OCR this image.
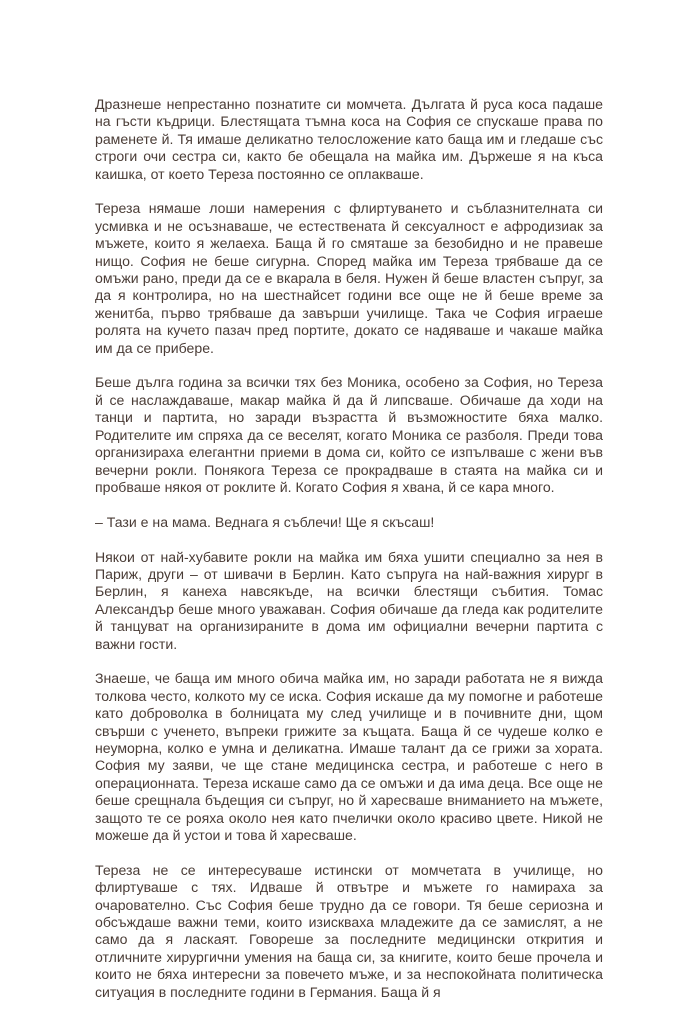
Дразнеше непрестанно познатите си момчета. Дългата й руса коса падаше на гъсти къдрици. Блестящата тъмна коса на София се спускаше права по раменете й. Тя имаше деликатно телосложение като баща им и гледаше със строги очи сестра си, както бе обещала на майка им. Държеше я на къса каишка, от което Тереза постоянно се оплакваше.

Тереза нямаше лоши намерения с флиртуването и съблазнителната си усмивка и не осъзнаваше, че естествената й сексуалност е афродизиак за мъжете, които я желаеха. Баща й го смяташе за безобидно и не правеше нищо. София не беше сигурна. Според майка им Тереза трябваше да се омъжи рано, преди да се е вкарала в беля. Нужен й беше властен съпруг, за да я контролира, но на шестнайсет години все още не й беше време за женитба, първо трябваше да завърши училище. Така че София играеше ролята на кучето пазач пред портите, докато се надяваше и чакаше майка им да се прибере.

Беше дълга година за всички тях без Моника, особено за София, но Тереза й се наслаждаваше, макар майка й да й липсваше. Обичаше да ходи на танци и партита, но заради възрастта й възможностите бяха малко. Родителите им спряха да се веселят, когато Моника се разболя. Преди това организираха елегантни приеми в дома си, който се изпълваше с жени във вечерни рокли. Понякога Тереза се прокрадваше в стаята на майка си и пробваше някоя от роклите й. Когато София я хвана, й се кара много.

– Тази е на мама. Веднага я съблечи! Ще я скъсаш!

Някои от най-хубавите рокли на майка им бяха ушити специално за нея в Париж, други – от шивачи в Берлин. Като съпруга на най-важния хирург в Берлин, я канеха навсякъде, на всички блестящи събития. Томас Александър беше много уважаван. София обичаше да гледа как родителите й танцуват на организираните в дома им официални вечерни партита с важни гости.

Знаеше, че баща им много обича майка им, но заради работата не я вижда толкова често, колкото му се иска. София искаше да му помогне и работеше като доброволка в болницата му след училище и в почивните дни, щом свърши с ученето, въпреки грижите за къщата. Баща й се чудеше колко е неуморна, колко е умна и деликатна. Имаше талант да се грижи за хората. София му заяви, че ще стане медицинска сестра, и работеше с него в операционната. Тереза искаше само да се омъжи и да има деца. Все още не беше срещнала бъдещия си съпруг, но й харесваше вниманието на мъжете, защото те се рояха около нея като пчелички около красиво цвете. Никой не можеше да й устои и това й харесваше.

Тереза не се интересуваше истински от момчетата в училище, но флиртуваше с тях. Идваше й отвътре и мъжете го намираха за очарователно. Със София беше трудно да се говори. Тя беше сериозна и обсъждаше важни теми, които изискваха младежите да се замислят, а не само да я ласкаят. Говореше за последните медицински открития и отличните хирургични умения на баща си, за книгите, които беше прочела и които не бяха интересни за повечето мъже, и за неспокойната политическа ситуация в последните години в Германия. Баща й я
